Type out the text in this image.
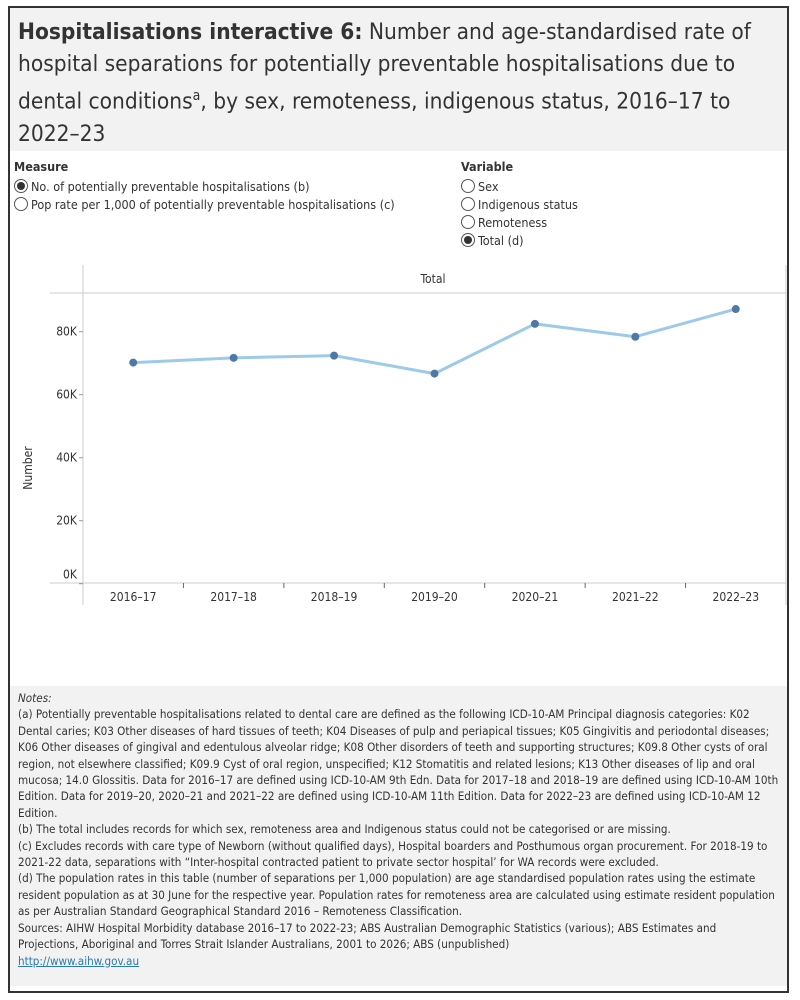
Hospitalisations interactive 6: Number and age-standardised rate of hospital separations for potentially preventable hospitalisations due to dental conditions$^a$, by sex, remoteness, indigenous status, 2016–17 to 2022–23
Measure
No. of potentially preventable hospitalisations (b)
Pop rate per 1,000 of potentially preventable hospitalisations (c)
Variable
Sex
Indigenous status
Remoteness
Total (d)
Total
Number
0K
20K
40K
60K
80K
2016–17	2017–18	2018–19	2019–20	2020–21	2021–22	2022–23

Notes:

(a) Potentially preventable hospitalisations related to dental care are defined as the following ICD-10-AM Principal diagnosis categories: K02 Dental caries; K03 Other diseases of hard tissues of teeth; K04 Diseases of pulp and periapical tissues; K05 Gingivitis and periodontal diseases; K06 Other diseases of gingival and edentulous alveolar ridge; K08 Other disorders of teeth and supporting structures; K09.8 Other cysts of oral region, not elsewhere classified; K09.9 Cyst of oral region, unspecified; K12 Stomatitis and related lesions; K13 Other diseases of lip and oral mucosa; 14.0 Glossitis. Data for 2016–17 are defined using ICD-10-AM 9th Edn. Data for 2017–18 and 2018–19 are defined using ICD-10-AM 10th Edition. Data for 2019–20, 2020–21 and 2021–22 are defined using ICD-10-AM 11th Edition. Data for 2022–23 are defined using ICD-10-AM 12 Edition.

(b) The total includes records for which sex, remoteness area and Indigenous status could not be categorised or are missing.

(c) Excludes records with care type of Newborn (without qualified days), Hospital boarders and Posthumous organ procurement. For 2018-19 to 2021-22 data, separations with “Inter-hospital contracted patient to private sector hospital’ for WA records were excluded.

(d) The population rates in this table (number of separations per 1,000 population) are age standardised population rates using the estimate resident population as at 30 June for the respective year. Population rates for remoteness area are calculated using estimate resident population as per Australian Standard Geographical Standard 2016 – Remoteness Classification.

Sources: AIHW Hospital Morbidity database 2016–17 to 2022-23; ABS Australian Demographic Statistics (various); ABS Estimates and Projections, Aboriginal and Torres Strait Islander Australians, 2001 to 2026; ABS (unpublished)

http://www.aihw.gov.au
